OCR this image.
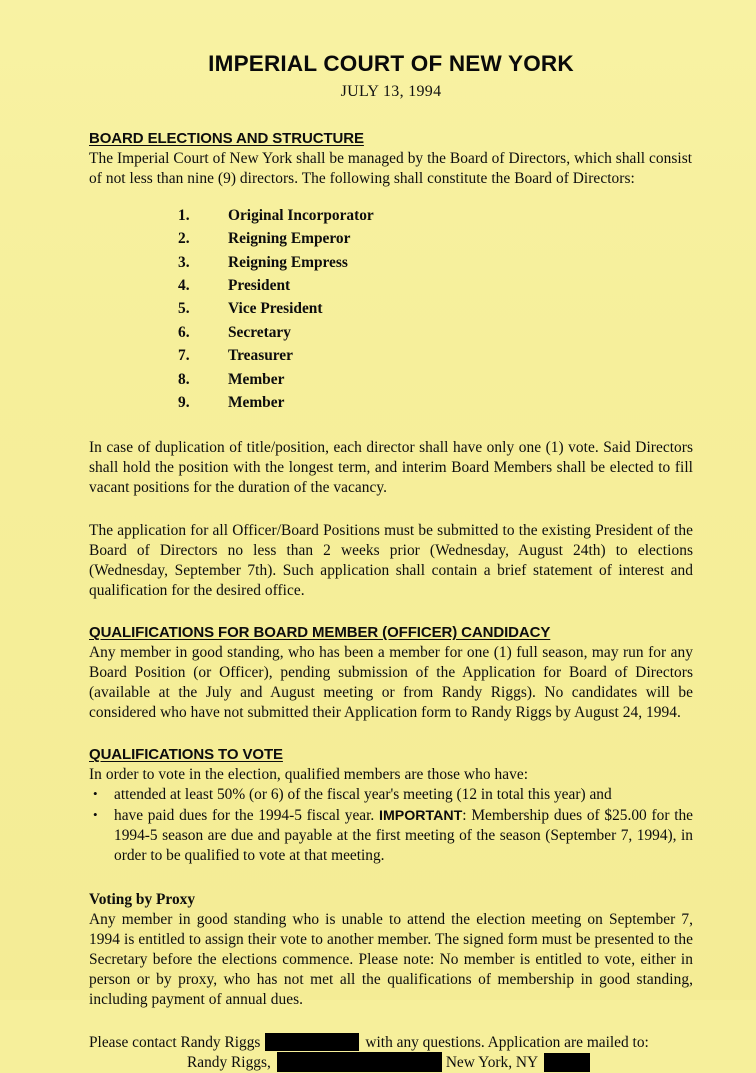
IMPERIAL COURT OF NEW YORK
JULY 13, 1994
BOARD ELECTIONS AND STRUCTURE

The Imperial Court of New York shall be managed by the Board of Directors, which shall consist of not less than nine (9) directors. The following shall constitute the Board of Directors:

1.	Original Incorporator
2.	Reigning Emperor
3.	Reigning Empress
4.	President
5.	Vice President
6.	Secretary
7.	Treasurer
8.	Member
9.	Member

In case of duplication of title/position, each director shall have only one (1) vote. Said Directors shall hold the position with the longest term, and interim Board Members shall be elected to fill vacant positions for the duration of the vacancy.

The application for all Officer/Board Positions must be submitted to the existing President of the Board of Directors no less than 2 weeks prior (Wednesday, August 24th) to elections (Wednesday, September 7th). Such application shall contain a brief statement of interest and qualification for the desired office.

QUALIFICATIONS FOR BOARD MEMBER (OFFICER) CANDIDACY

Any member in good standing, who has been a member for one (1) full season, may run for any Board Position (or Officer), pending submission of the Application for Board of Directors (available at the July and August meeting or from Randy Riggs). No candidates will be considered who have not submitted their Application form to Randy Riggs by August 24, 1994.

QUALIFICATIONS TO VOTE

In order to vote in the election, qualified members are those who have:

• attended at least 50% (or 6) of the fiscal year's meeting (12 in total this year) and
• have paid dues for the 1994-5 fiscal year. IMPORTANT: Membership dues of $25.00 for the 1994-5 season are due and payable at the first meeting of the season (September 7, 1994), in order to be qualified to vote at that meeting.
Voting by Proxy

Any member in good standing who is unable to attend the election meeting on September 7, 1994 is entitled to assign their vote to another member. The signed form must be presented to the Secretary before the elections commence. Please note: No member is entitled to vote, either in person or by proxy, who has not met all the qualifications of membership in good standing, including payment of annual dues.

Please contact Randy Riggs	with any questions. Application are mailed to:
Randy Riggs,	New York, NY
